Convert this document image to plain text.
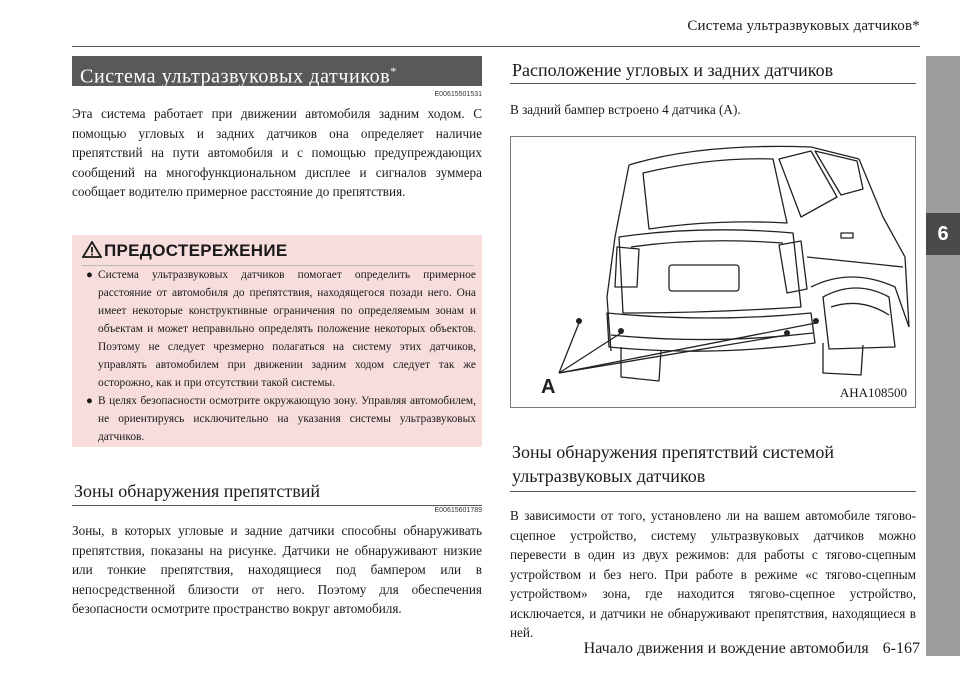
Система ультразвуковых датчиков*
6
Система ультразвуковых датчиков*
E00615501531
Эта система работает при движении автомобиля задним ходом. С помощью угловых и задних датчиков она определяет наличие препятствий на пути автомобиля и с помощью предупреждающих сообщений на многофункциональном дисплее и сигналов зуммера сообщает водителю примерное расстояние до препятствия.
ПРЕДОСТЕРЕЖЕНИЕ
● Система ультразвуковых датчиков помогает определить примерное расстояние от автомобиля до препятствия, находящегося позади него. Она имеет некоторые конструктивные ограничения по определяемым зонам и объектам и может неправильно определять положение некоторых объектов. Поэтому не следует чрезмерно полагаться на систему этих датчиков, управлять автомобилем при движении задним ходом следует так же осторожно, как и при отсутствии такой системы.
● В целях безопасности осмотрите окружающую зону. Управляя автомобилем, не ориентируясь исключительно на указания системы ультразвуковых датчиков.
Зоны обнаружения препятствий
E00615601789
Зоны, в которых угловые и задние датчики способны обнаруживать препятствия, показаны на рисунке. Датчики не обнаруживают низкие или тонкие препятствия, находящиеся под бампером или в непосредственной близости от него. Поэтому для обеспечения безопасности осмотрите пространство вокруг автомобиля.
Расположение угловых и задних датчиков
В задний бампер встроено 4 датчика (A).
A	AHA108500
Зоны обнаружения препятствий системой ультразвуковых датчиков
В зависимости от того, установлено ли на вашем автомобиле тягово-сцепное устройство, систему ультразвуковых датчиков можно перевести в один из двух режимов: для работы с тягово-сцепным устройством и без него. При работе в режиме «с тягово-сцепным устройством» зона, где находится тягово-сцепное устройство, исключается, и датчики не обнаруживают препятствия, находящиеся в ней.
Начало движения и вождение автомобиля 6-167
